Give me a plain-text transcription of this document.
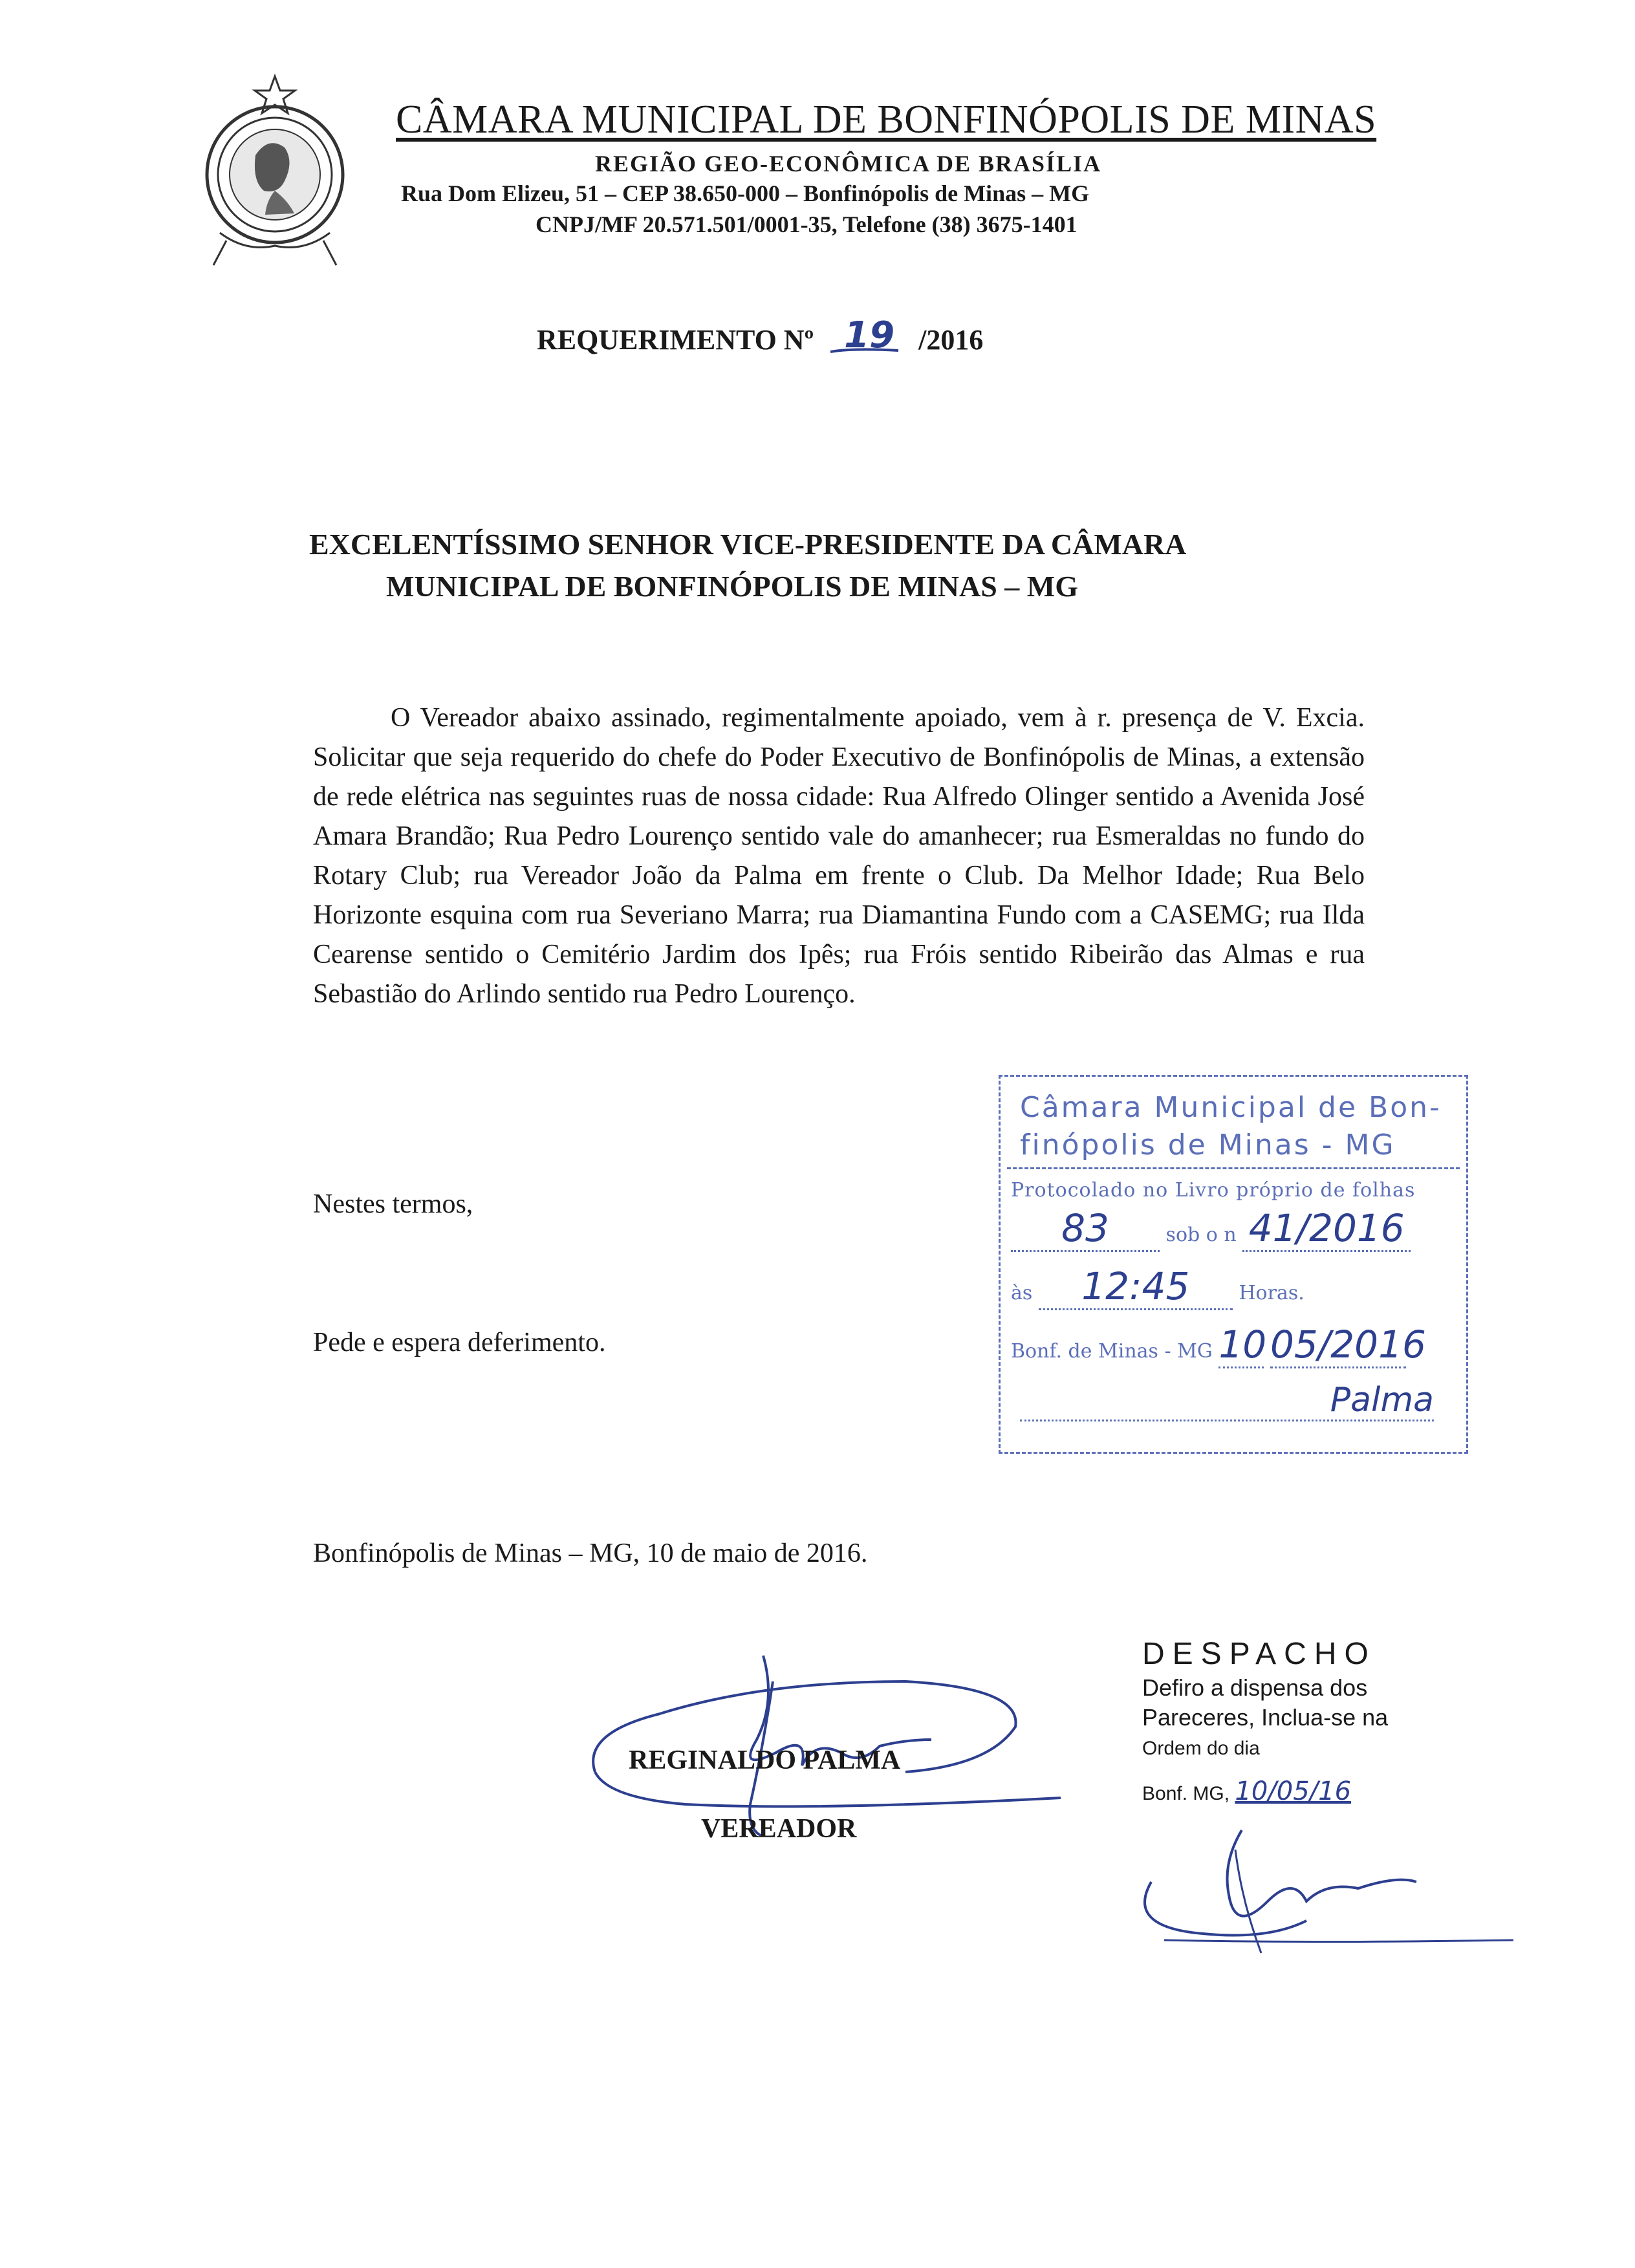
CÂMARA MUNICIPAL DE BONFINÓPOLIS DE MINAS
REGIÃO GEO-ECONÔMICA DE BRASÍLIA
Rua Dom Elizeu, 51 – CEP 38.650-000 – Bonfinópolis de Minas – MG
CNPJ/MF 20.571.501/0001-35, Telefone (38) 3675-1401
REQUERIMENTO Nº 19 /2016
EXCELENTÍSSIMO SENHOR VICE-PRESIDENTE DA CÂMARA
MUNICIPAL DE BONFINÓPOLIS DE MINAS – MG

O Vereador abaixo assinado, regimentalmente apoiado, vem à r. presença de V. Excia. Solicitar que seja requerido do chefe do Poder Executivo de Bonfinópolis de Minas, a extensão de rede elétrica nas seguintes ruas de nossa cidade: Rua Alfredo Olinger sentido a Avenida José Amara Brandão; Rua Pedro Lourenço sentido vale do amanhecer; rua Esmeraldas no fundo do Rotary Club; rua Vereador João da Palma em frente o Club. Da Melhor Idade; Rua Belo Horizonte esquina com rua Severiano Marra; rua Diamantina Fundo com a CASEMG; rua Ilda Cearense sentido o Cemitério Jardim dos Ipês; rua Fróis sentido Ribeirão das Almas e rua Sebastião do Arlindo sentido rua Pedro Lourenço.

Nestes termos,
Pede e espera deferimento.
Bonfinópolis de Minas – MG, 10 de maio de 2016.
REGINALDO PALMA
VEREADOR
Câmara Municipal de Bon-
finópolis de Minas - MG
Protocolado no Livro próprio de folhas
83	sob o n 41/2016
às 12:45	Horas.
Bonf. de Minas - MG 10 05/2016
Palma
DESPACHO
Defiro a dispensa dos
Pareceres, Inclua-se na
Ordem do dia
Bonf. MG, 10/05/16
